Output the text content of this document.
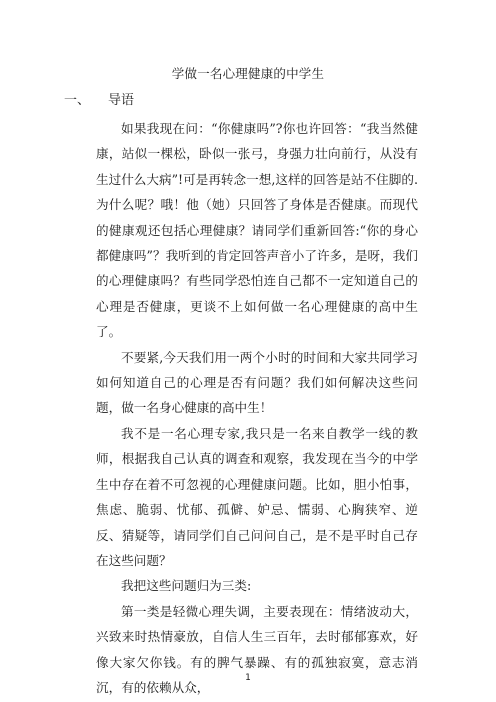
学做一名心理健康的中学生
一、 导语

如果我现在问：“你健康吗”?你也许回答：“我当然健康，站似一棵松，卧似一张弓，身强力壮向前行，从没有生过什么大病”!可是再转念一想,这样的回答是站不住脚的.为什么呢？哦！他（她）只回答了身体是否健康。而现代的健康观还包括心理健康？请同学们重新回答:“你的身心都健康吗”？我听到的肯定回答声音小了许多，是呀，我们的心理健康吗？有些同学恐怕连自己都不一定知道自己的心理是否健康，更谈不上如何做一名心理健康的高中生了。

不要紧,今天我们用一两个小时的时间和大家共同学习如何知道自己的心理是否有问题？我们如何解决这些问题，做一名身心健康的高中生！

我不是一名心理专家,我只是一名来自教学一线的教师，根据我自己认真的调查和观察，我发现在当今的中学生中存在着不可忽视的心理健康问题。比如，胆小怕事，焦虑、脆弱、忧郁、孤僻、妒忌、懦弱、心胸狭窄、逆反、猜疑等，请同学们自己问问自己，是不是平时自己存在这些问题？

我把这些问题归为三类:

第一类是轻微心理失调，主要表现在：情绪波动大，兴致来时热情豪放，自信人生三百年，去时郁郁寡欢，好像大家欠你钱。有的脾气暴躁、有的孤独寂寞，意志消沉，有的依赖从众，

1
